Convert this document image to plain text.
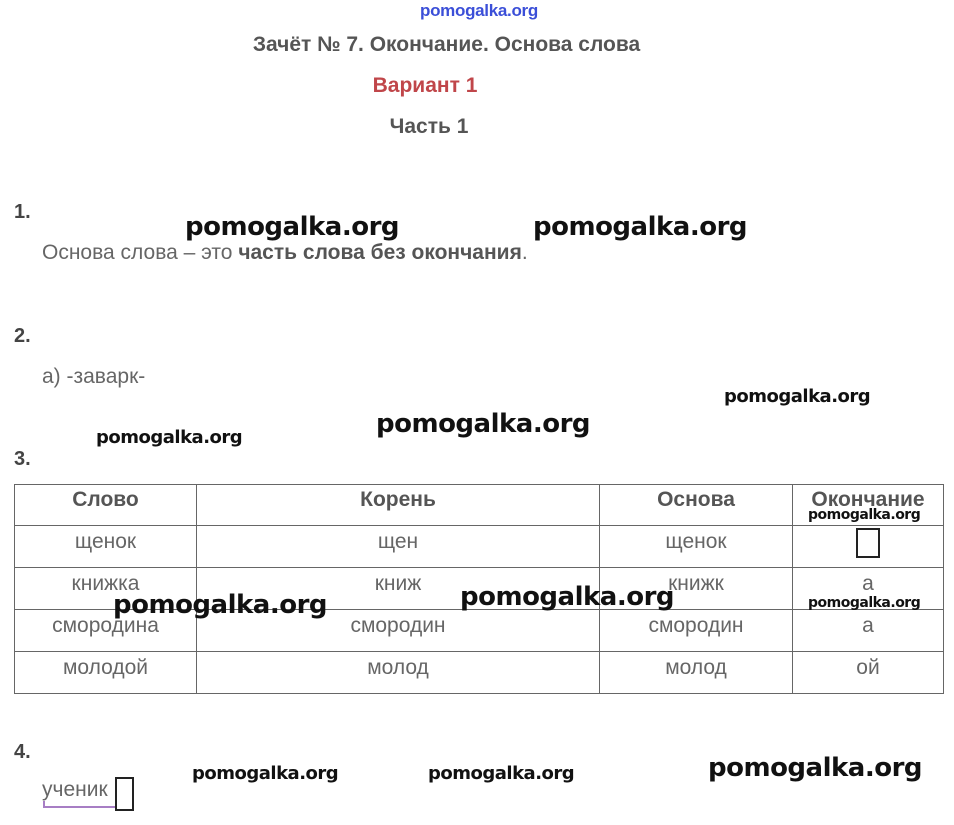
pomogalka.org
Зачёт № 7. Окончание. Основа слова
Вариант 1
Часть 1
1.
Основа слова – это часть слова без окончания.
2.
а) -заварк-
3.
Слово	Корень	Основа	Окончание
щенок	щен	щенок	
книжка	книж	книжк	а
смородина	смородин	смородин	а
молодой	молод	молод	ой
4.
ученик
pomogalka.org	pomogalka.org
pomogalka.org
pomogalka.org
pomogalka.org
pomogalka.org
pomogalka.org	pomogalka.org	pomogalka.org
pomogalka.org	pomogalka.org	pomogalka.org
